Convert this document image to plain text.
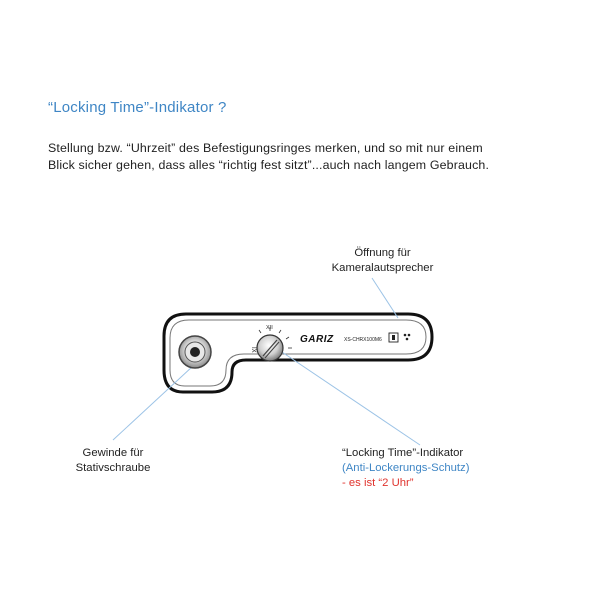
“Locking Time”-Indikator ?
Stellung bzw. “Uhrzeit” des Befestigungsringes merken, und so mit nur einem
Blick sicher gehen, dass alles “richtig fest sitzt”...auch nach langem Gebrauch.
XII
IX
GARIZ XS-CHRX100M6
Öffnung für
Kameralautsprecher
Gewinde für
Stativschraube
“Locking Time”-Indikator
(Anti-Lockerungs-Schutz)
- es ist “2 Uhr”
